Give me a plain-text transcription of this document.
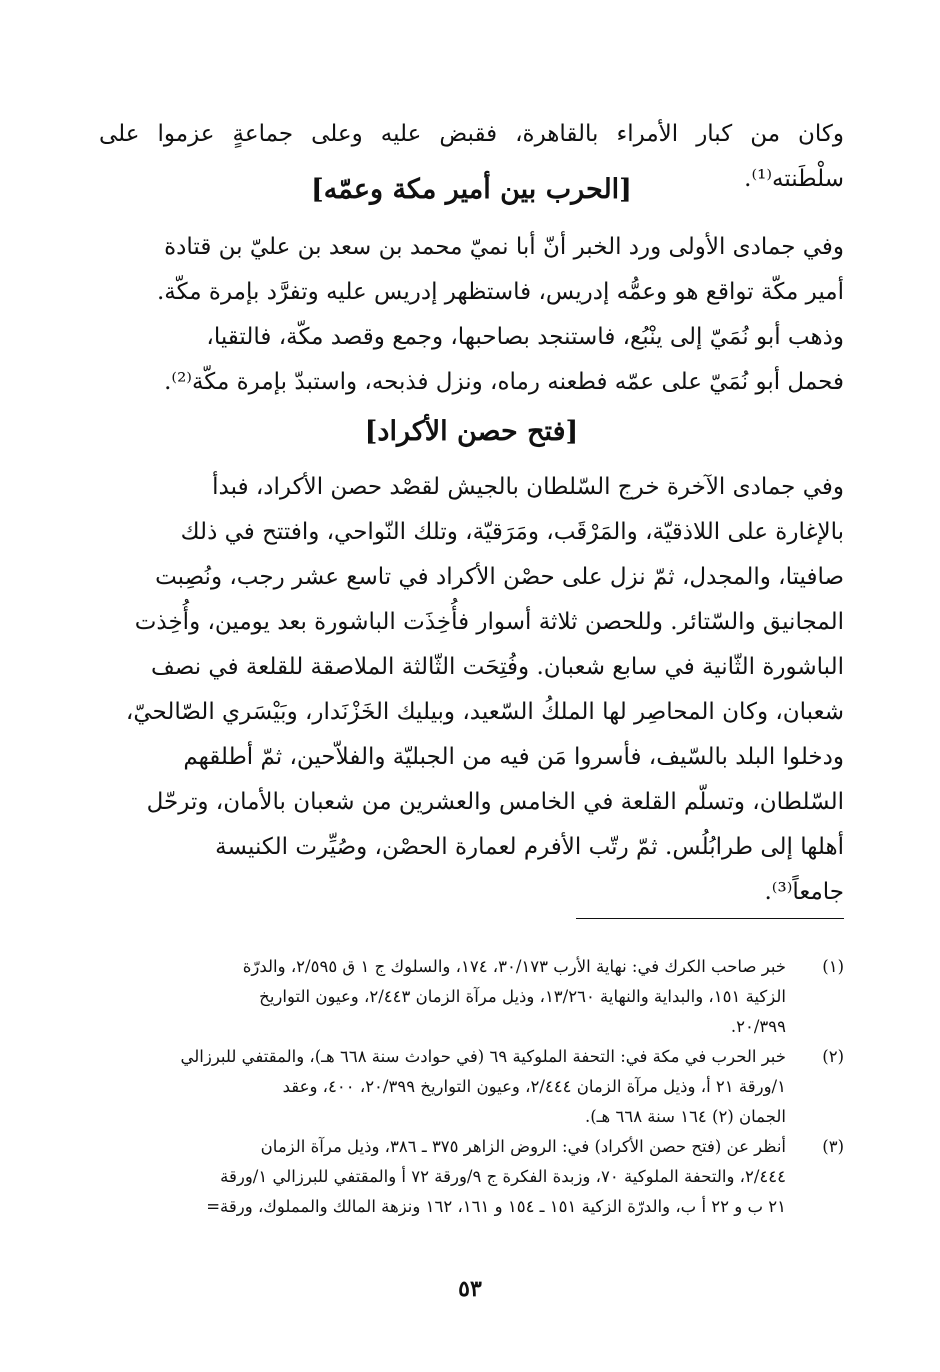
وكان من كبار الأمراء بالقاهرة، فقبض عليه وعلى جماعةٍ عزموا على سلْطَنته⁽¹⁾.
[الحرب بين أمير مكة وعمّه]
وفي جمادى الأولى ورد الخبر أنّ أبا نميّ محمد بن سعد بن عليّ بن قتادة
أمير مكّة تواقع هو وعمُّه إدريس، فاستظهر إدريس عليه وتفرَّد بإمرة مكّة.
وذهب أبو نُمَيّ إلى ينْبُع، فاستنجد بصاحبها، وجمع وقصد مكّة، فالتقيا،
فحمل أبو نُمَيّ على عمّه فطعنه رماه، ونزل فذبحه، واستبدّ بإمرة مكّة⁽²⁾.
[فتح حصن الأكراد]
وفي جمادى الآخرة خرج السّلطان بالجيش لقصْد حصن الأكراد، فبدأ
بالإغارة على اللاذقيّة، والمَرْقَب، ومَرَقيّة، وتلك النّواحي، وافتتح في ذلك
صافيتا، والمجدل، ثمّ نزل على حصْن الأكراد في تاسع عشر رجب، ونُصِبت
المجانيق والسّتائر. وللحصن ثلاثة أسوار فأُخِذَت الباشورة بعد يومين، وأُخِذت
الباشورة الثّانية في سابع شعبان. وفُتِحَت الثّالثة الملاصقة للقلعة في نصف
شعبان، وكان المحاصِر لها الملكُ السّعيد، وبيليك الخَزْنَدار، وبَيْسَري الصّالحيّ،
ودخلوا البلد بالسّيف، فأسروا مَن فيه من الجبليّة والفلاّحين، ثمّ أطلقهم
السّلطان، وتسلّم القلعة في الخامس والعشرين من شعبان بالأمان، وترحّل
أهلها إلى طرابُلُس. ثمّ رتّب الأفرم لعمارة الحصْن، وصُيِّرت الكنيسة
جامعاً⁽³⁾.
(١)
خبر صاحب الكرك في: نهاية الأرب ٣٠/١٧٣، ١٧٤، والسلوك ج ١ ق ٢/٥٩٥، والدرّة
الزكية ١٥١، والبداية والنهاية ١٣/٢٦٠، وذيل مرآة الزمان ٢/٤٤٣، وعيون التواريخ
٢٠/٣٩٩.
(٢)
خبر الحرب في مكة في: التحفة الملوكية ٦٩ (في حوادث سنة ٦٦٨ هـ)، والمقتفي للبرزالي
١/ورقة ٢١ أ، وذيل مرآة الزمان ٢/٤٤٤، وعيون التواريخ ٢٠/٣٩٩، ٤٠٠، وعقد
الجمان (٢) ١٦٤ سنة ٦٦٨ هـ).
(٣)
أنظر عن (فتح حصن الأكراد) في: الروض الزاهر ٣٧٥ ـ ٣٨٦، وذيل مرآة الزمان
٢/٤٤٤، والتحفة الملوكية ٧٠، وزبدة الفكرة ج ٩/ورقة ٧٢ أ والمقتفي للبرزالي ١/ورقة
٢١ ب و ٢٢ أ ب، والدرّة الزكية ١٥١ ـ ١٥٤ و ١٦١، ١٦٢ ونزهة المالك والمملوك، ورقة=
٥٣
